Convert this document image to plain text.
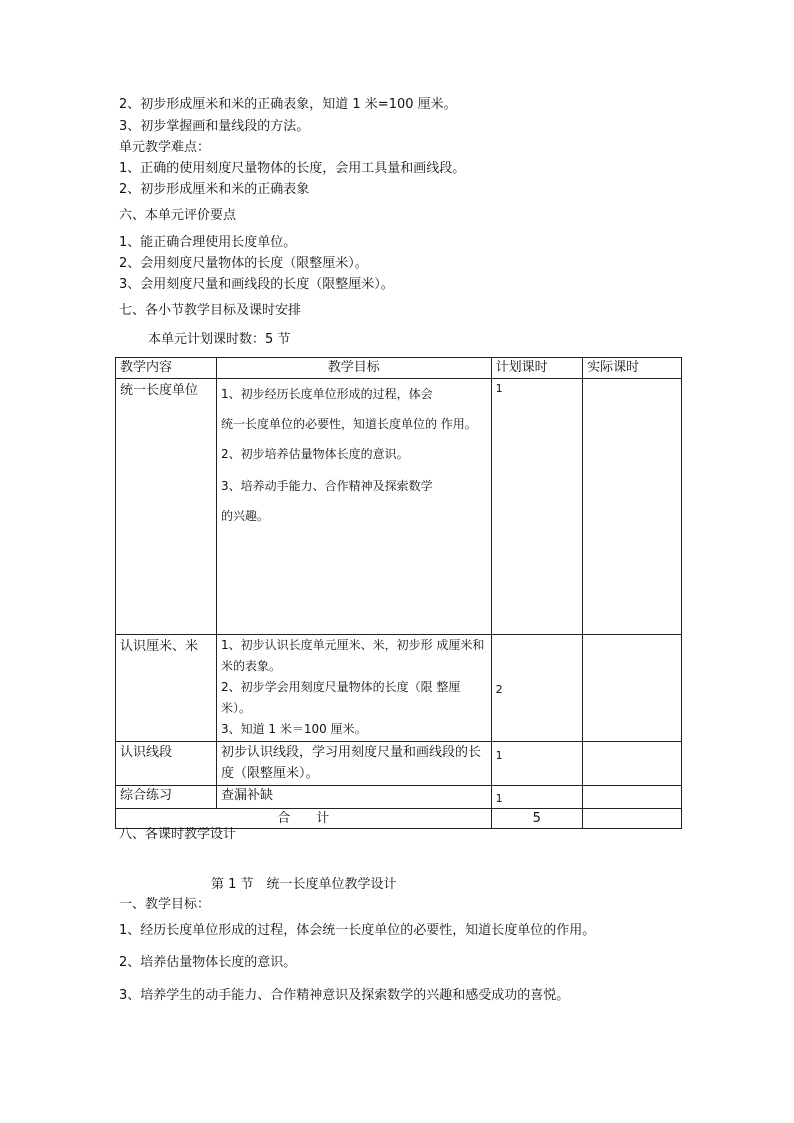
2、初步形成厘米和米的正确表象，知道 1 米=100 厘米。
3、初步掌握画和量线段的方法。
单元教学难点：
1、正确的使用刻度尺量物体的长度，会用工具量和画线段。
2、初步形成厘米和米的正确表象
六、本单元评价要点
1、能正确合理使用长度单位。
2、会用刻度尺量物体的长度（限整厘米）。
3、会用刻度尺量和画线段的长度（限整厘米）。
七、各小节教学目标及课时安排
本单元计划课时数：5 节
教学内容	教学目标	计划课时	实际课时
统一长度单位	1、初步经历长度单位形成的过程，体会
统一长度单位的必要性，知道长度单位的 作用。
2、初步培养估量物体长度的意识。
3、培养动手能力、合作精神及探索数学
的兴趣。	1	
认识厘米、米	1、初步认识长度单元厘米、米，初步形 成厘米和米的表象。
2、初步学会用刻度尺量物体的长度（限 整厘米）。
3、知道 1 米＝100 厘米。	2	
认识线段	初步认识线段，学习用刻度尺量和画线段的长度（限整厘米）。	1	
综合练习	查漏补缺	1	
合　　计		5	
八、各课时教学设计
第 1 节　统一长度单位教学设计
一、教学目标：
1、经历长度单位形成的过程，体会统一长度单位的必要性，知道长度单位的作用。
2、培养估量物体长度的意识。
3、培养学生的动手能力、合作精神意识及探索数学的兴趣和感受成功的喜悦。
